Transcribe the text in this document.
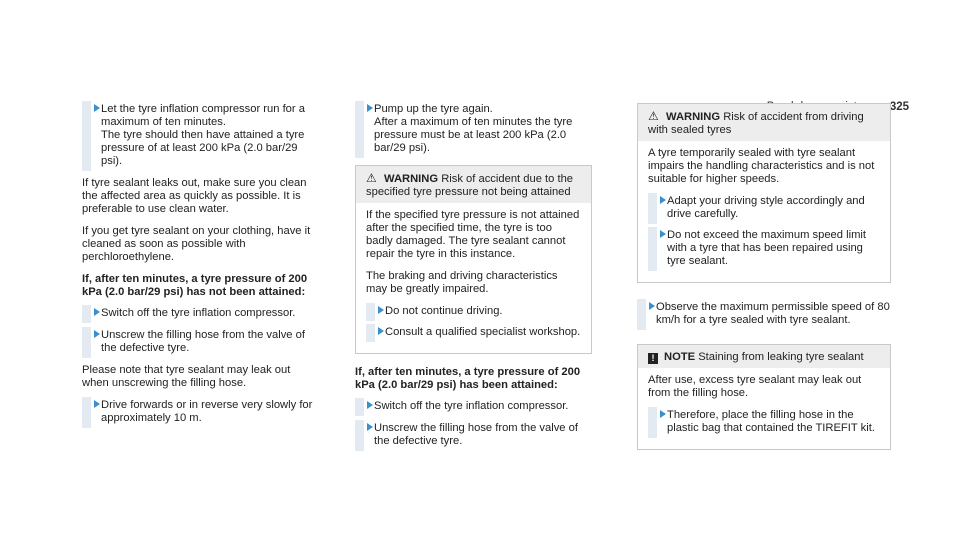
325
Let the tyre inflation compressor run for a maximum of ten minutes.
The tyre should then have attained a tyre pressure of at least 200 kPa (2.0 bar/29 psi).

If tyre sealant leaks out, make sure you clean the affected area as quickly as possible. It is preferable to use clean water.

If you get tyre sealant on your clothing, have it cleaned as soon as possible with perchloroethylene.

If, after ten minutes, a tyre pressure of 200 kPa (2.0 bar/29 psi) has not been attained:
Switch off the tyre inflation compressor.
Unscrew the filling hose from the valve of the defective tyre.

Please note that tyre sealant may leak out when unscrewing the filling hose.

Drive forwards or in reverse very slowly for approximately 10 m.
Pump up the tyre again.
After a maximum of ten minutes the tyre pressure must be at least 200 kPa (2.0 bar/29 psi).
⚠ WARNING Risk of accident due to the specified tyre pressure not being attained

If the specified tyre pressure is not attained after the specified time, the tyre is too badly damaged. The tyre sealant cannot repair the tyre in this instance.

The braking and driving characteristics may be greatly impaired.

Do not continue driving.
Consult a qualified specialist workshop.
If, after ten minutes, a tyre pressure of 200 kPa (2.0 bar/29 psi) has been attained:
Switch off the tyre inflation compressor.
Unscrew the filling hose from the valve of the defective tyre.
⚠ WARNING Risk of accident from driving with sealed tyres

A tyre temporarily sealed with tyre sealant impairs the handling characteristics and is not suitable for higher speeds.

Adapt your driving style accordingly and drive carefully.
Do not exceed the maximum speed limit with a tyre that has been repaired using tyre sealant.
Observe the maximum permissible speed of 80 km/h for a tyre sealed with tyre sealant.
! NOTE Staining from leaking tyre sealant

After use, excess tyre sealant may leak out from the filling hose.

Therefore, place the filling hose in the plastic bag that contained the TIREFIT kit.
